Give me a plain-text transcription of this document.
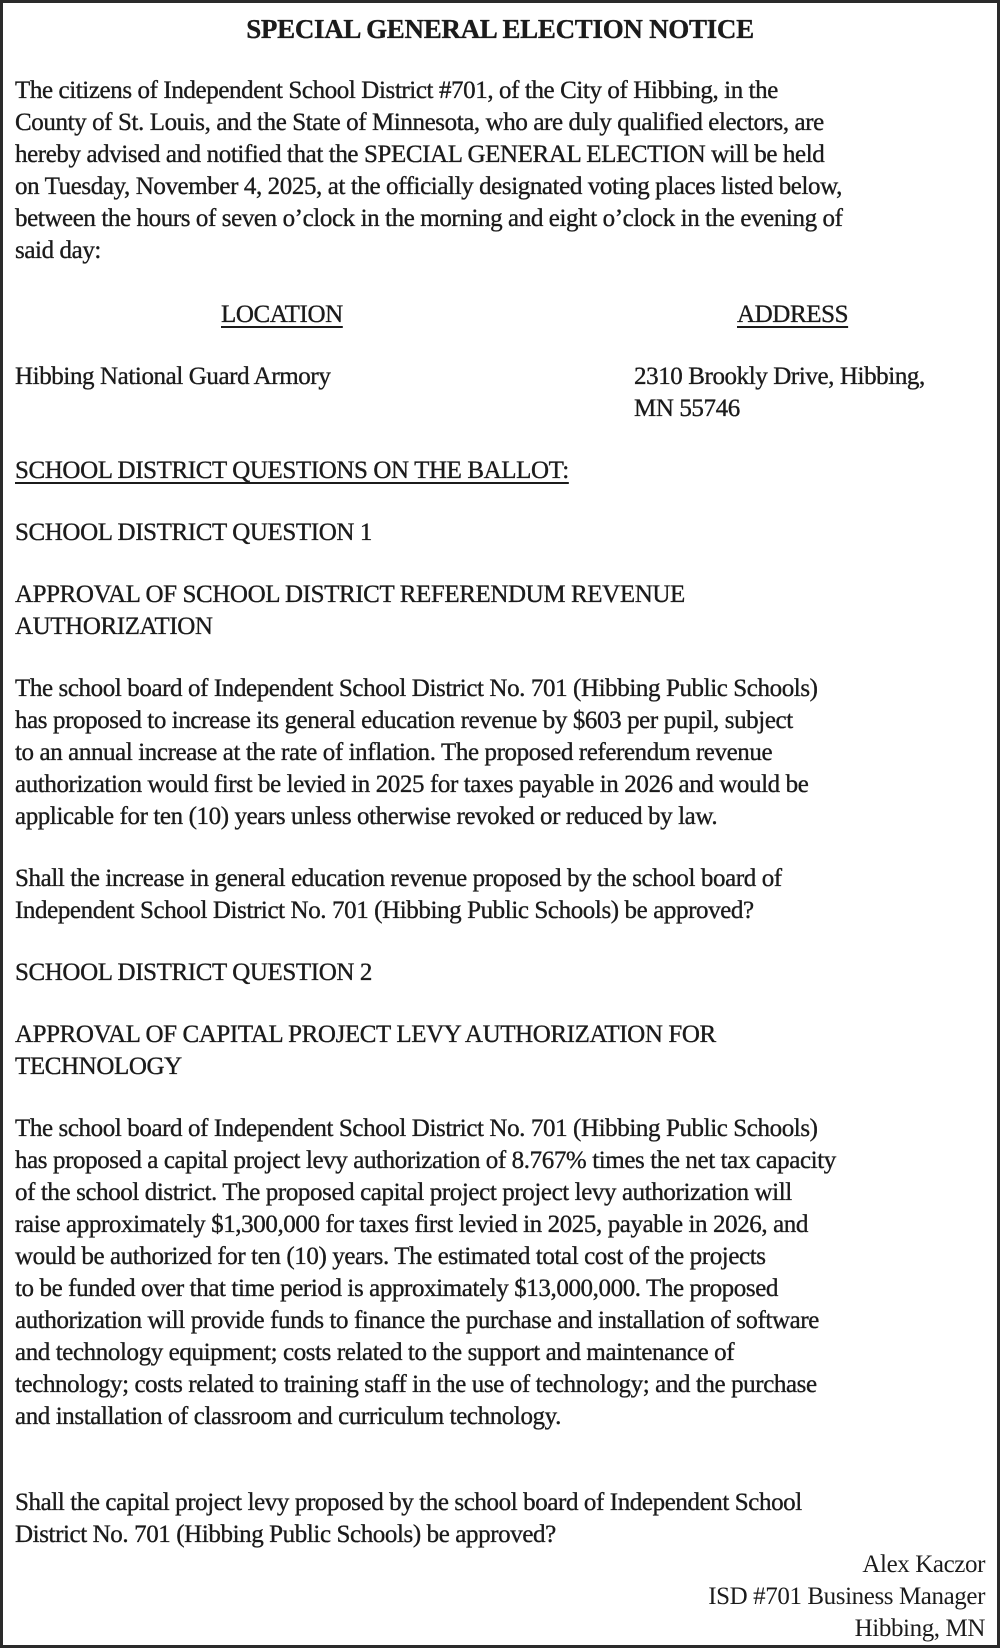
SPECIAL GENERAL ELECTION NOTICE
The citizens of Independent School District #701, of the City of Hibbing, in the
County of St. Louis, and the State of Minnesota, who are duly qualified electors, are
hereby advised and notified that the SPECIAL GENERAL ELECTION will be held
on Tuesday, November 4, 2025, at the officially designated voting places listed below,
between the hours of seven o’clock in the morning and eight o’clock in the evening of
said day:
LOCATION	ADDRESS
Hibbing National Guard Armory	2310 Brookly Drive, Hibbing,
MN 55746
SCHOOL DISTRICT QUESTIONS ON THE BALLOT:
SCHOOL DISTRICT QUESTION 1
APPROVAL OF SCHOOL DISTRICT REFERENDUM REVENUE
AUTHORIZATION
The school board of Independent School District No. 701 (Hibbing Public Schools)
has proposed to increase its general education revenue by $603 per pupil, subject
to an annual increase at the rate of inflation. The proposed referendum revenue
authorization would first be levied in 2025 for taxes payable in 2026 and would be
applicable for ten (10) years unless otherwise revoked or reduced by law.
Shall the increase in general education revenue proposed by the school board of
Independent School District No. 701 (Hibbing Public Schools) be approved?
SCHOOL DISTRICT QUESTION 2
APPROVAL OF CAPITAL PROJECT LEVY AUTHORIZATION FOR
TECHNOLOGY
The school board of Independent School District No. 701 (Hibbing Public Schools)
has proposed a capital project levy authorization of 8.767% times the net tax capacity
of the school district. The proposed capital project project levy authorization will
raise approximately $1,300,000 for taxes first levied in 2025, payable in 2026, and
would be authorized for ten (10) years. The estimated total cost of the projects
to be funded over that time period is approximately $13,000,000. The proposed
authorization will provide funds to finance the purchase and installation of software
and technology equipment; costs related to the support and maintenance of
technology; costs related to training staff in the use of technology; and the purchase
and installation of classroom and curriculum technology.
Shall the capital project levy proposed by the school board of Independent School
District No. 701 (Hibbing Public Schools) be approved?
Alex Kaczor
ISD #701 Business Manager
Hibbing, MN
